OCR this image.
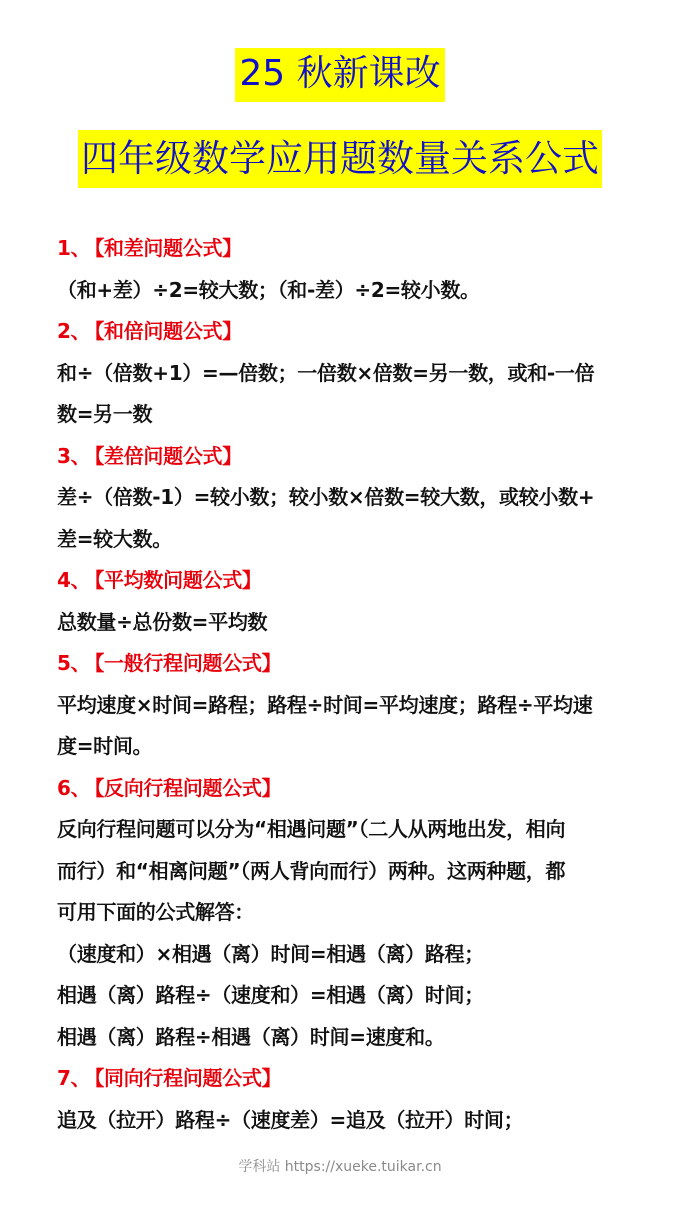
25 秋新课改
四年级数学应用题数量关系公式
1、 【和差问题公式】
（和+差）÷2=较大数；（和-差）÷2=较小数。
2、 【和倍问题公式】
和÷（倍数+1）=—倍数；一倍数×倍数=另一数，或和-一倍
数=另一数
3、 【差倍问题公式】
差÷（倍数-1）=较小数；较小数×倍数=较大数，或较小数+
差=较大数。
4、 【平均数问题公式】
总数量÷总份数=平均数
5、 【一般行程问题公式】
平均速度×时间=路程；路程÷时间=平均速度；路程÷平均速
度=时间。
6、 【反向行程问题公式】
反向行程问题可以分为“相遇问题”（二人从两地出发，相向
而行）和“相离问题”（两人背向而行）两种。这两种题，都
可用下面的公式解答：
（速度和）×相遇（离）时间=相遇（离）路程；
相遇（离）路程÷（速度和）=相遇（离）时间；
相遇（离）路程÷相遇（离）时间=速度和。
7、 【同向行程问题公式】
追及（拉开）路程÷（速度差）=追及（拉开）时间；
学科站 https://xueke.tuikar.cn
